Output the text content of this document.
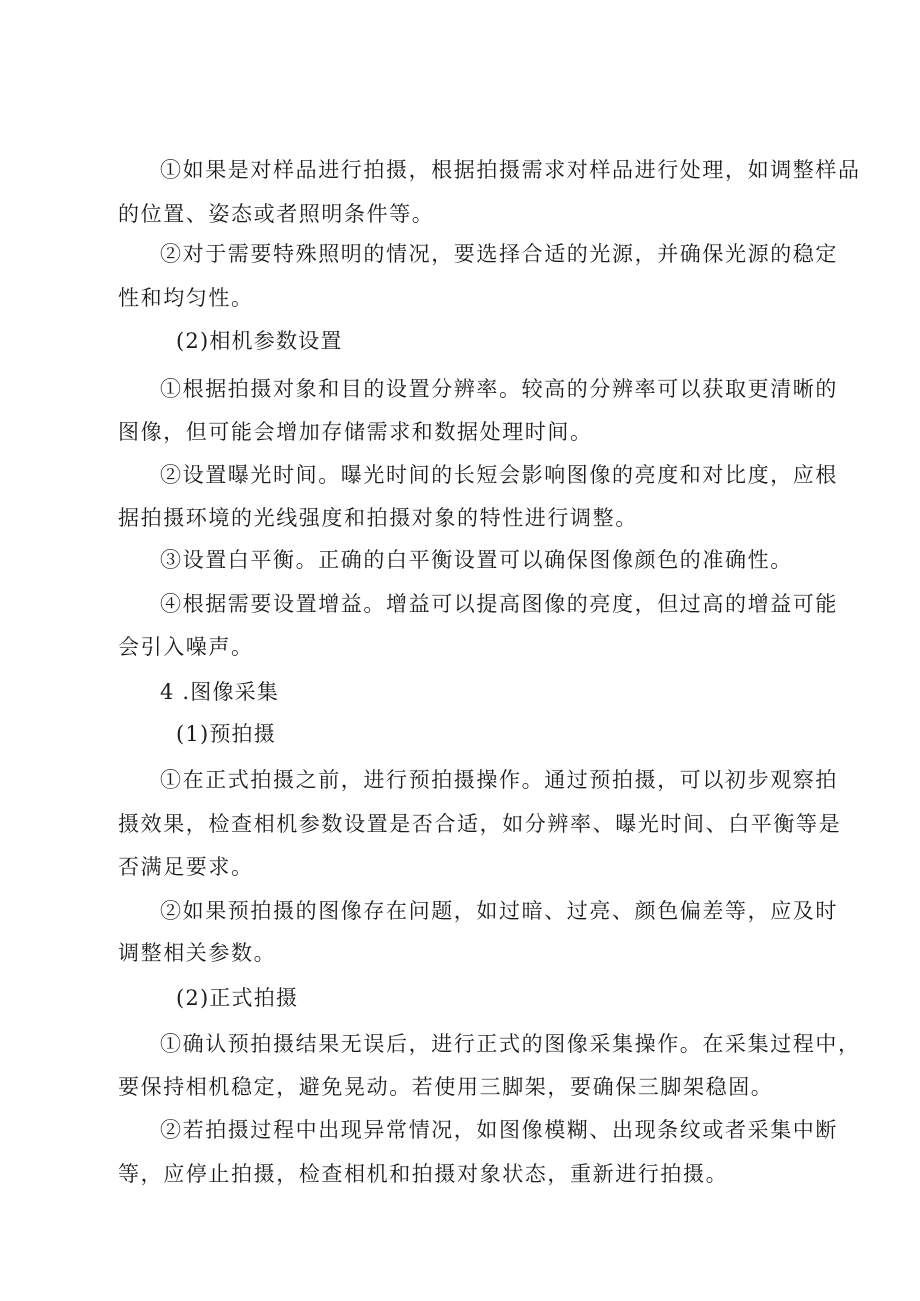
①如果是对样品进行拍摄，根据拍摄需求对样品进行处理，如调整样品
的位置、姿态或者照明条件等。
②对于需要特殊照明的情况，要选择合适的光源，并确保光源的稳定
性和均匀性。
(2)相机参数设置
①根据拍摄对象和目的设置分辨率。较高的分辨率可以获取更清晰的
图像，但可能会增加存储需求和数据处理时间。
②设置曝光时间。曝光时间的长短会影响图像的亮度和对比度，应根
据拍摄环境的光线强度和拍摄对象的特性进行调整。
③设置白平衡。正确的白平衡设置可以确保图像颜色的准确性。
④根据需要设置增益。增益可以提高图像的亮度，但过高的增益可能
会引入噪声。
4 .图像采集
(1)预拍摄
①在正式拍摄之前，进行预拍摄操作。通过预拍摄，可以初步观察拍
摄效果，检查相机参数设置是否合适，如分辨率、曝光时间、白平衡等是
否满足要求。
②如果预拍摄的图像存在问题，如过暗、过亮、颜色偏差等，应及时
调整相关参数。
(2)正式拍摄
①确认预拍摄结果无误后，进行正式的图像采集操作。在采集过程中，
要保持相机稳定，避免晃动。若使用三脚架，要确保三脚架稳固。
②若拍摄过程中出现异常情况，如图像模糊、出现条纹或者采集中断
等，应停止拍摄，检查相机和拍摄对象状态，重新进行拍摄。
